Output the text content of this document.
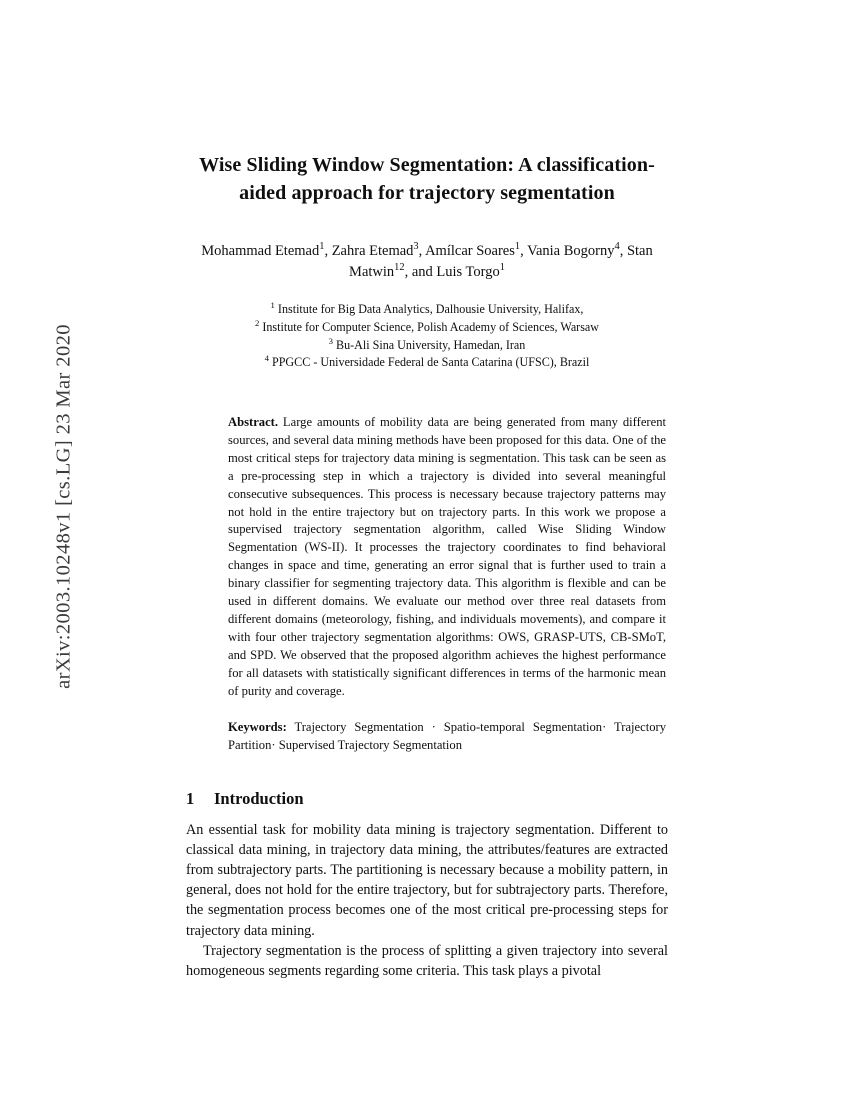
arXiv:2003.10248v1 [cs.LG] 23 Mar 2020
Wise Sliding Window Segmentation: A classification-aided approach for trajectory segmentation
Mohammad Etemad$^1$, Zahra Etemad$^3$, Amílcar Soares$^1$, Vania Bogorny$^4$, Stan
Matwin$^{12}$, and Luis Torgo$^1$
$^1$ Institute for Big Data Analytics, Dalhousie University, Halifax,
$^2$ Institute for Computer Science, Polish Academy of Sciences, Warsaw
$^3$ Bu-Ali Sina University, Hamedan, Iran
$^4$ PPGCC - Universidade Federal de Santa Catarina (UFSC), Brazil
Abstract. Large amounts of mobility data are being generated from many different sources, and several data mining methods have been proposed for this data. One of the most critical steps for trajectory data mining is segmentation. This task can be seen as a pre-processing step in which a trajectory is divided into several meaningful consecutive subsequences. This process is necessary because trajectory patterns may not hold in the entire trajectory but on trajectory parts. In this work we propose a supervised trajectory segmentation algorithm, called Wise Sliding Window Segmentation (WS-II). It processes the trajectory coordinates to find behavioral changes in space and time, generating an error signal that is further used to train a binary classifier for segmenting trajectory data. This algorithm is flexible and can be used in different domains. We evaluate our method over three real datasets from different domains (meteorology, fishing, and individuals movements), and compare it with four other trajectory segmentation algorithms: OWS, GRASP-UTS, CB-SMoT, and SPD. We observed that the proposed algorithm achieves the highest performance for all datasets with statistically significant differences in terms of the harmonic mean of purity and coverage.
Keywords: Trajectory Segmentation · Spatio-temporal Segmentation· Trajectory Partition· Supervised Trajectory Segmentation
1 Introduction
An essential task for mobility data mining is trajectory segmentation. Different to classical data mining, in trajectory data mining, the attributes/features are extracted from subtrajectory parts. The partitioning is necessary because a mobility pattern, in general, does not hold for the entire trajectory, but for subtrajectory parts. Therefore, the segmentation process becomes one of the most critical pre-processing steps for trajectory data mining.
Trajectory segmentation is the process of splitting a given trajectory into several homogeneous segments regarding some criteria. This task plays a pivotal
